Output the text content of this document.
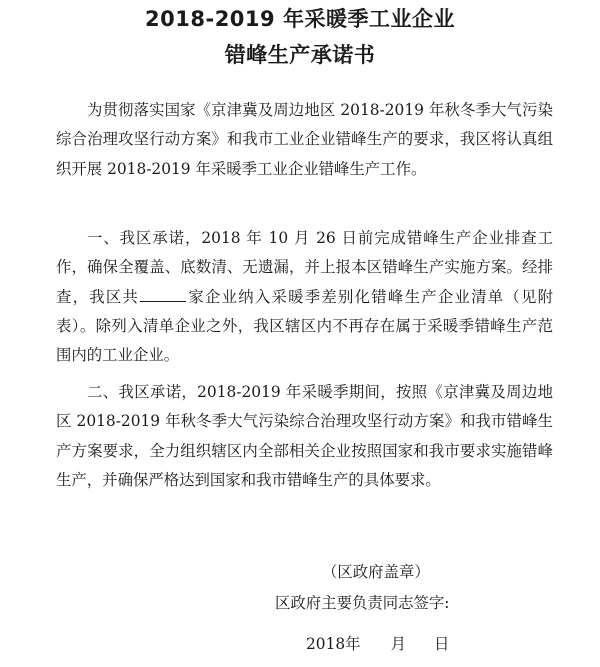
2018-2019 年采暖季工业企业
错峰生产承诺书

为贯彻落实国家《京津冀及周边地区 2018-2019 年秋冬季大气污染综合治理攻坚行动方案》和我市工业企业错峰生产的要求，我区将认真组织开展 2018-2019 年采暖季工业企业错峰生产工作。

一、我区承诺，2018 年 10 月 26 日前完成错峰生产企业排查工作，确保全覆盖、底数清、无遗漏，并上报本区错峰生产实施方案。经排查，我区共	家企业纳入采暖季差别化错峰生产企业清单（见附表）。除列入清单企业之外，我区辖区内不再存在属于采暖季错峰生产范围内的工业企业。

二、我区承诺，2018-2019 年采暖季期间，按照《京津冀及周边地区 2018-2019 年秋冬季大气污染综合治理攻坚行动方案》和我市错峰生产方案要求，全力组织辖区内全部相关企业按照国家和我市要求实施错峰生产，并确保严格达到国家和我市错峰生产的具体要求。

（区政府盖章）
区政府主要负责同志签字:
2018年 月 日
